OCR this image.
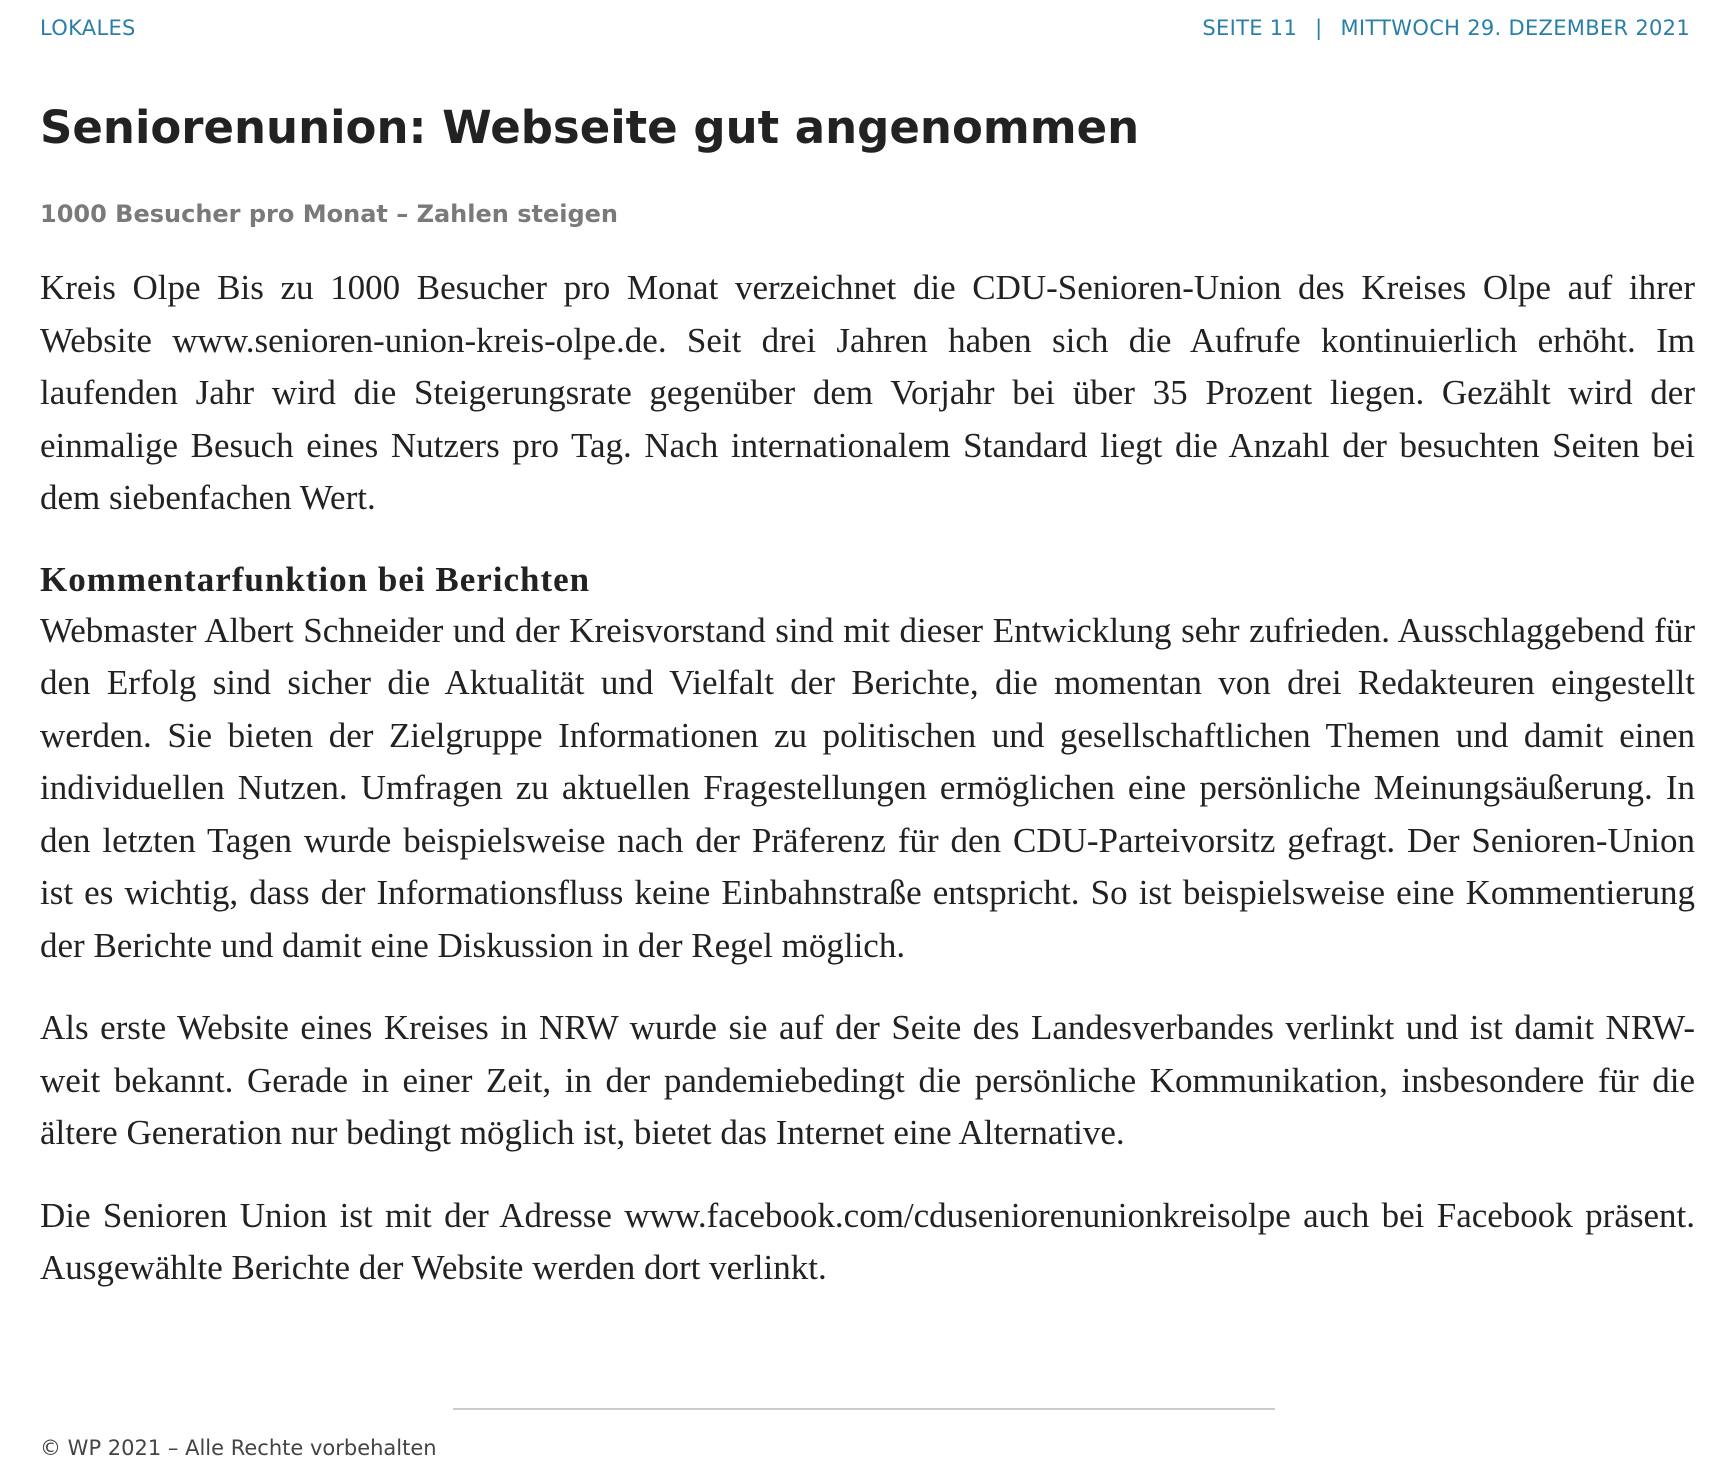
LOKALES	SEITE 11 | MITTWOCH 29. DEZEMBER 2021
Seniorenunion: Webseite gut angenommen
1000 Besucher pro Monat – Zahlen steigen

Kreis Olpe Bis zu 1000 Besucher pro Monat verzeichnet die CDU-Senioren-Union des Kreises Olpe auf ihrer Website www.senioren-union-kreis-olpe.de. Seit drei Jahren haben sich die Aufrufe kontinuierlich erhöht. Im laufenden Jahr wird die Steigerungsrate gegenüber dem Vorjahr bei über 35 Prozent liegen. Gezählt wird der einmalige Besuch eines Nutzers pro Tag. Nach internationalem Standard liegt die Anzahl der besuchten Seiten bei dem siebenfachen Wert.

Kommentarfunktion bei Berichten

Webmaster Albert Schneider und der Kreisvorstand sind mit dieser Entwicklung sehr zufrieden. Ausschlaggebend für den Erfolg sind sicher die Aktualität und Vielfalt der Berichte, die momentan von drei Redakteuren eingestellt werden. Sie bieten der Zielgruppe Informationen zu politischen und gesellschaftlichen Themen und damit einen individuellen Nutzen. Umfragen zu aktuellen Fragestellungen ermöglichen eine persönliche Meinungsäußerung. In den letzten Tagen wurde beispielsweise nach der Präferenz für den CDU-Parteivorsitz gefragt. Der Senioren-Union ist es wichtig, dass der Informationsfluss keine Einbahnstraße entspricht. So ist beispielsweise eine Kommentierung der Berichte und damit eine Diskussion in der Regel möglich.

Als erste Website eines Kreises in NRW wurde sie auf der Seite des Landesverbandes verlinkt und ist damit NRW-weit bekannt. Gerade in einer Zeit, in der pandemiebedingt die persönliche Kommunikation, insbesondere für die ältere Generation nur bedingt möglich ist, bietet das Internet eine Alternative.

Die Senioren Union ist mit der Adresse www.facebook.com/cduseniorenunionkreisolpe auch bei Facebook präsent. Ausgewählte Berichte der Website werden dort verlinkt.

© WP 2021 – Alle Rechte vorbehalten
